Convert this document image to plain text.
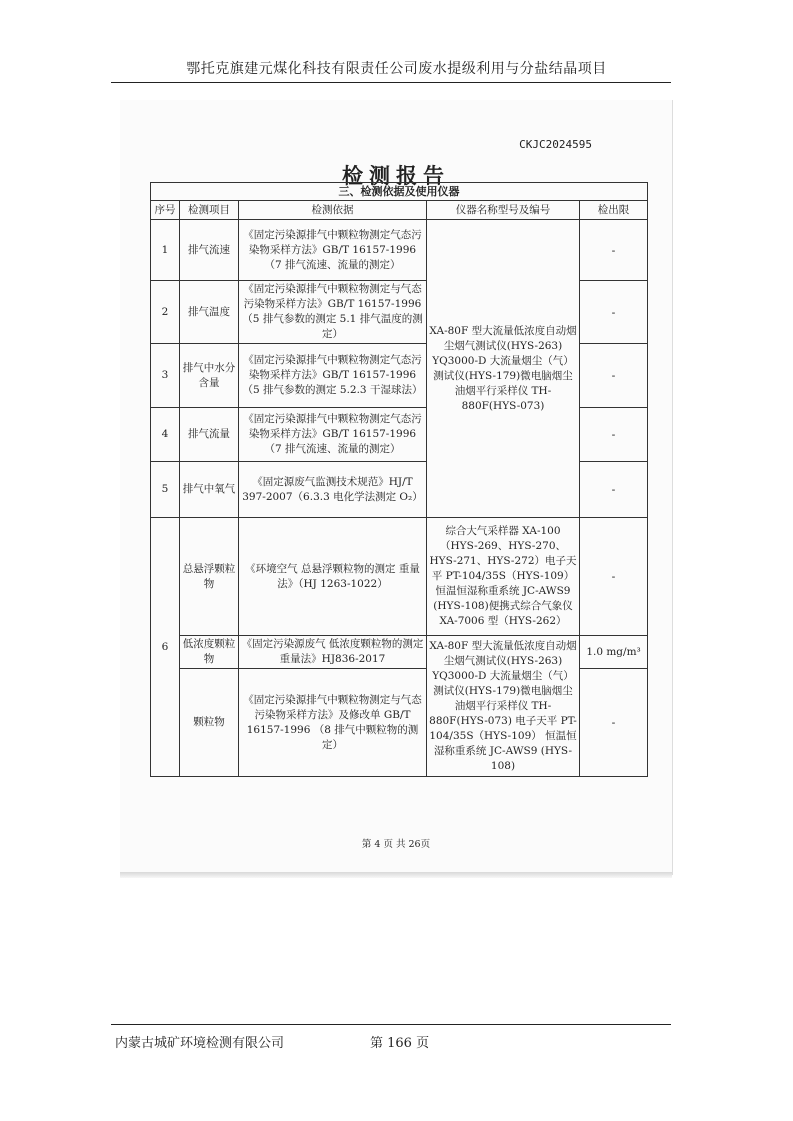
鄂托克旗建元煤化科技有限责任公司废水提级利用与分盐结晶项目
CKJC2024595
检测报告
三、检测依据及使用仪器				
序号	检测项目	检测依据	仪器名称型号及编号	检出限
1	排气流速	《固定污染源排气中颗粒物测定气态污染物采样方法》GB/T 16157-1996（7 排气流速、流量的测定）	XA-80F 型大流量低浓度自动烟尘烟气测试仪(HYS-263) YQ3000-D 大流量烟尘（气）测试仪(HYS-179)微电脑烟尘油烟平行采样仪 TH-880F(HYS-073)	-
2	排气温度	《固定污染源排气中颗粒物测定与气态污染物采样方法》GB/T 16157-1996 （5 排气参数的测定 5.1 排气温度的测定）		-
3	排气中水分含量	《固定污染源排气中颗粒物测定气态污染物采样方法》GB/T 16157-1996 （5 排气参数的测定 5.2.3 干湿球法）		-
4	排气流量	《固定污染源排气中颗粒物测定气态污染物采样方法》GB/T 16157-1996（7 排气流速、流量的测定）		-
5	排气中氧气	《固定源废气监测技术规范》HJ/T 397-2007（6.3.3 电化学法测定 O₂）		-
6	总悬浮颗粒物	《环境空气 总悬浮颗粒物的测定 重量法》（HJ 1263-1022）	综合大气采样器 XA-100（HYS-269、HYS-270、HYS-271、HYS-272）电子天平 PT-104/35S（HYS-109）恒温恒湿称重系统 JC-AWS9 (HYS-108)便携式综合气象仪 XA-7006 型（HYS-262）	-
	低浓度颗粒物	《固定污染源废气 低浓度颗粒物的测定 重量法》HJ836-2017	XA-80F 型大流量低浓度自动烟尘烟气测试仪(HYS-263) YQ3000-D 大流量烟尘（气）测试仪(HYS-179)微电脑烟尘油烟平行采样仪 TH-880F(HYS-073) 电子天平 PT-104/35S（HYS-109） 恒温恒湿称重系统 JC-AWS9 (HYS-108)	1.0 mg/m³
	颗粒物	《固定污染源排气中颗粒物测定与气态污染物采样方法》及修改单 GB/T 16157-1996 （8 排气中颗粒物的测定）		-
第 4 页 共 26页
内蒙古城矿环境检测有限公司	第 166 页
